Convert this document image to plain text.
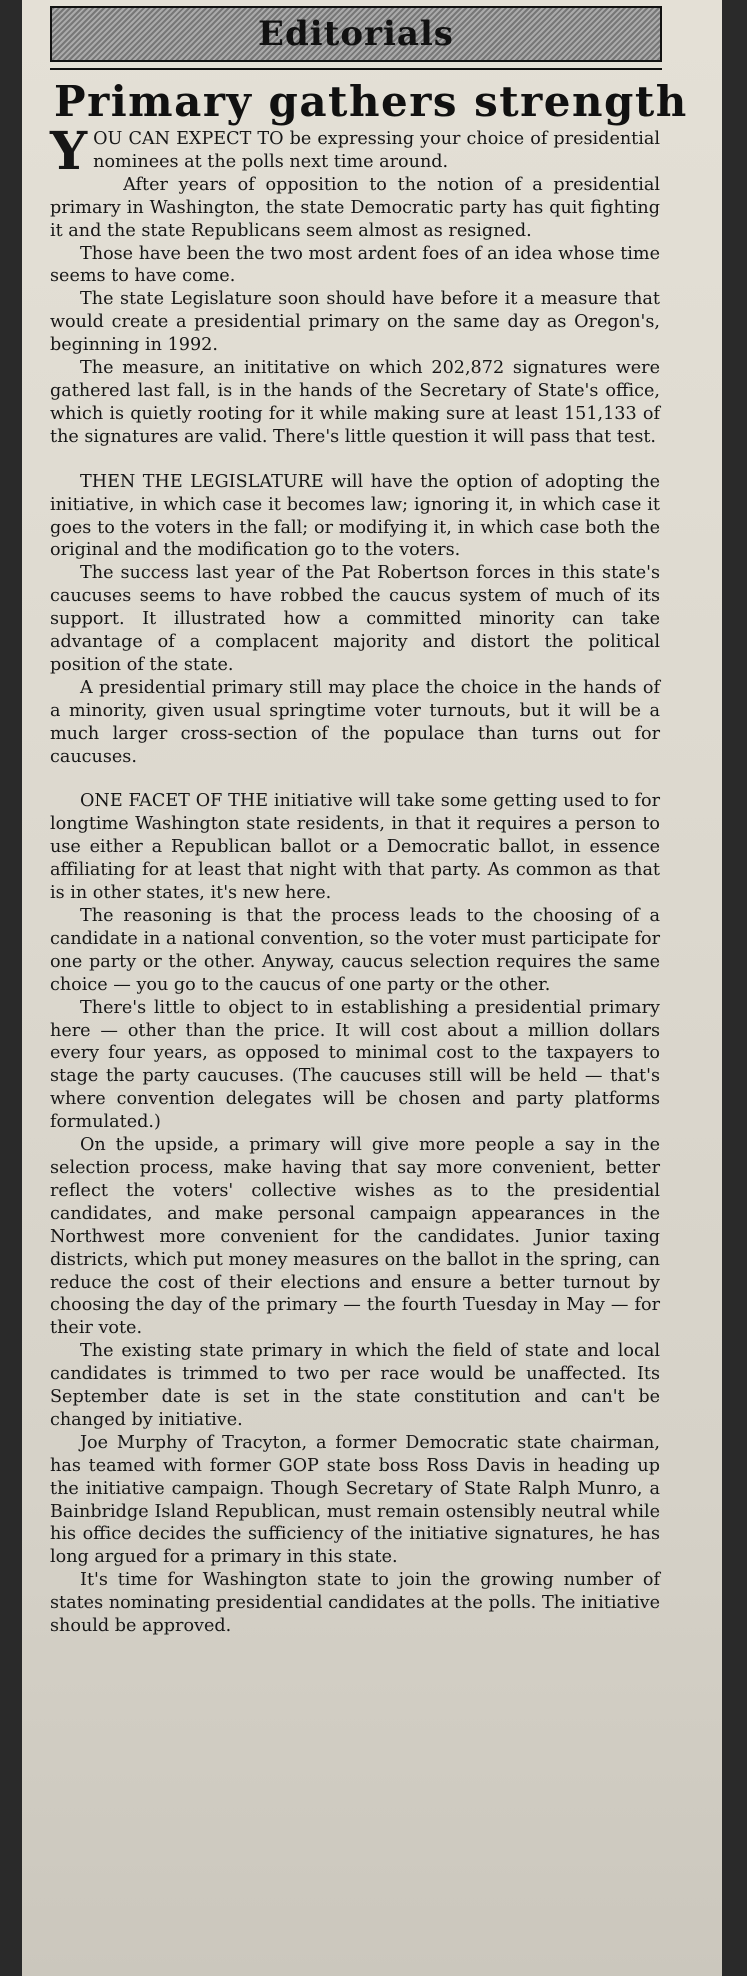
Editorials
Primary gathers strength

YOU CAN EXPECT TO be expressing your choice of presidential nominees at the polls next time around.

After years of opposition to the notion of a presidential primary in Washington, the state Democratic party has quit fighting it and the state Republicans seem almost as resigned.

Those have been the two most ardent foes of an idea whose time seems to have come.

The state Legislature soon should have before it a measure that would create a presidential primary on the same day as Oregon's, beginning in 1992.

The measure, an inititative on which 202,872 signatures were gathered last fall, is in the hands of the Secretary of State's office, which is quietly rooting for it while making sure at least 151,133 of the signatures are valid. There's little question it will pass that test.

THEN THE LEGISLATURE will have the option of adopting the initiative, in which case it becomes law; ignoring it, in which case it goes to the voters in the fall; or modifying it, in which case both the original and the modification go to the voters.

The success last year of the Pat Robertson forces in this state's caucuses seems to have robbed the caucus system of much of its support. It illustrated how a committed minority can take advantage of a complacent majority and distort the political position of the state.

A presidential primary still may place the choice in the hands of a minority, given usual springtime voter turnouts, but it will be a much larger cross-section of the populace than turns out for caucuses.

ONE FACET OF THE initiative will take some getting used to for longtime Washington state residents, in that it requires a person to use either a Republican ballot or a Democratic ballot, in essence affiliating for at least that night with that party. As common as that is in other states, it's new here.

The reasoning is that the process leads to the choosing of a candidate in a national convention, so the voter must participate for one party or the other. Anyway, caucus selection requires the same choice — you go to the caucus of one party or the other.

There's little to object to in establishing a presidential primary here — other than the price. It will cost about a million dollars every four years, as opposed to minimal cost to the taxpayers to stage the party caucuses. (The caucuses still will be held — that's where convention delegates will be chosen and party platforms formulated.)

On the upside, a primary will give more people a say in the selection process, make having that say more convenient, better reflect the voters' collective wishes as to the presidential candidates, and make personal campaign appearances in the Northwest more convenient for the candidates. Junior taxing districts, which put money measures on the ballot in the spring, can reduce the cost of their elections and ensure a better turnout by choosing the day of the primary — the fourth Tuesday in May — for their vote.

The existing state primary in which the field of state and local candidates is trimmed to two per race would be unaffected. Its September date is set in the state constitution and can't be changed by initiative.

Joe Murphy of Tracyton, a former Democratic state chairman, has teamed with former GOP state boss Ross Davis in heading up the initiative campaign. Though Secretary of State Ralph Munro, a Bainbridge Island Republican, must remain ostensibly neutral while his office decides the sufficiency of the initiative signatures, he has long argued for a primary in this state.

It's time for Washington state to join the growing number of states nominating presidential candidates at the polls. The initiative should be approved.
